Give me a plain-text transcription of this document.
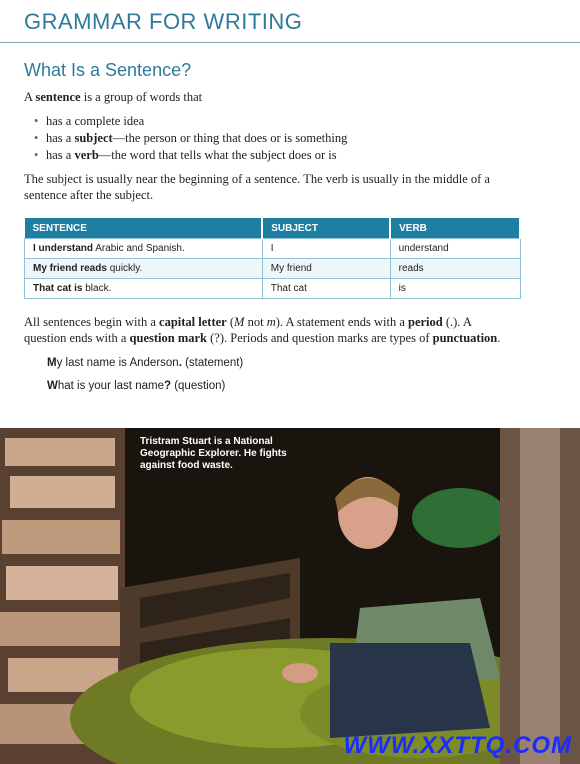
GRAMMAR FOR WRITING
What Is a Sentence?
A sentence is a group of words that
• has a complete idea
• has a subject—the person or thing that does or is something
• has a verb—the word that tells what the subject does or is
The subject is usually near the beginning of a sentence. The verb is usually in the middle of a
sentence after the subject.
SENTENCE	SUBJECT	VERB
I understand Arabic and Spanish.	I	understand
My friend reads quickly.	My friend	reads
That cat is black.	That cat	is
All sentences begin with a capital letter (M not m). A statement ends with a period (.). A
question ends with a question mark (?). Periods and question marks are types of punctuation.
My last name is Anderson. (statement)
What is your last name? (question)
Tristram Stuart is a National Geographic Explorer. He fights against food waste.
WWW.XXTTQ.COM
